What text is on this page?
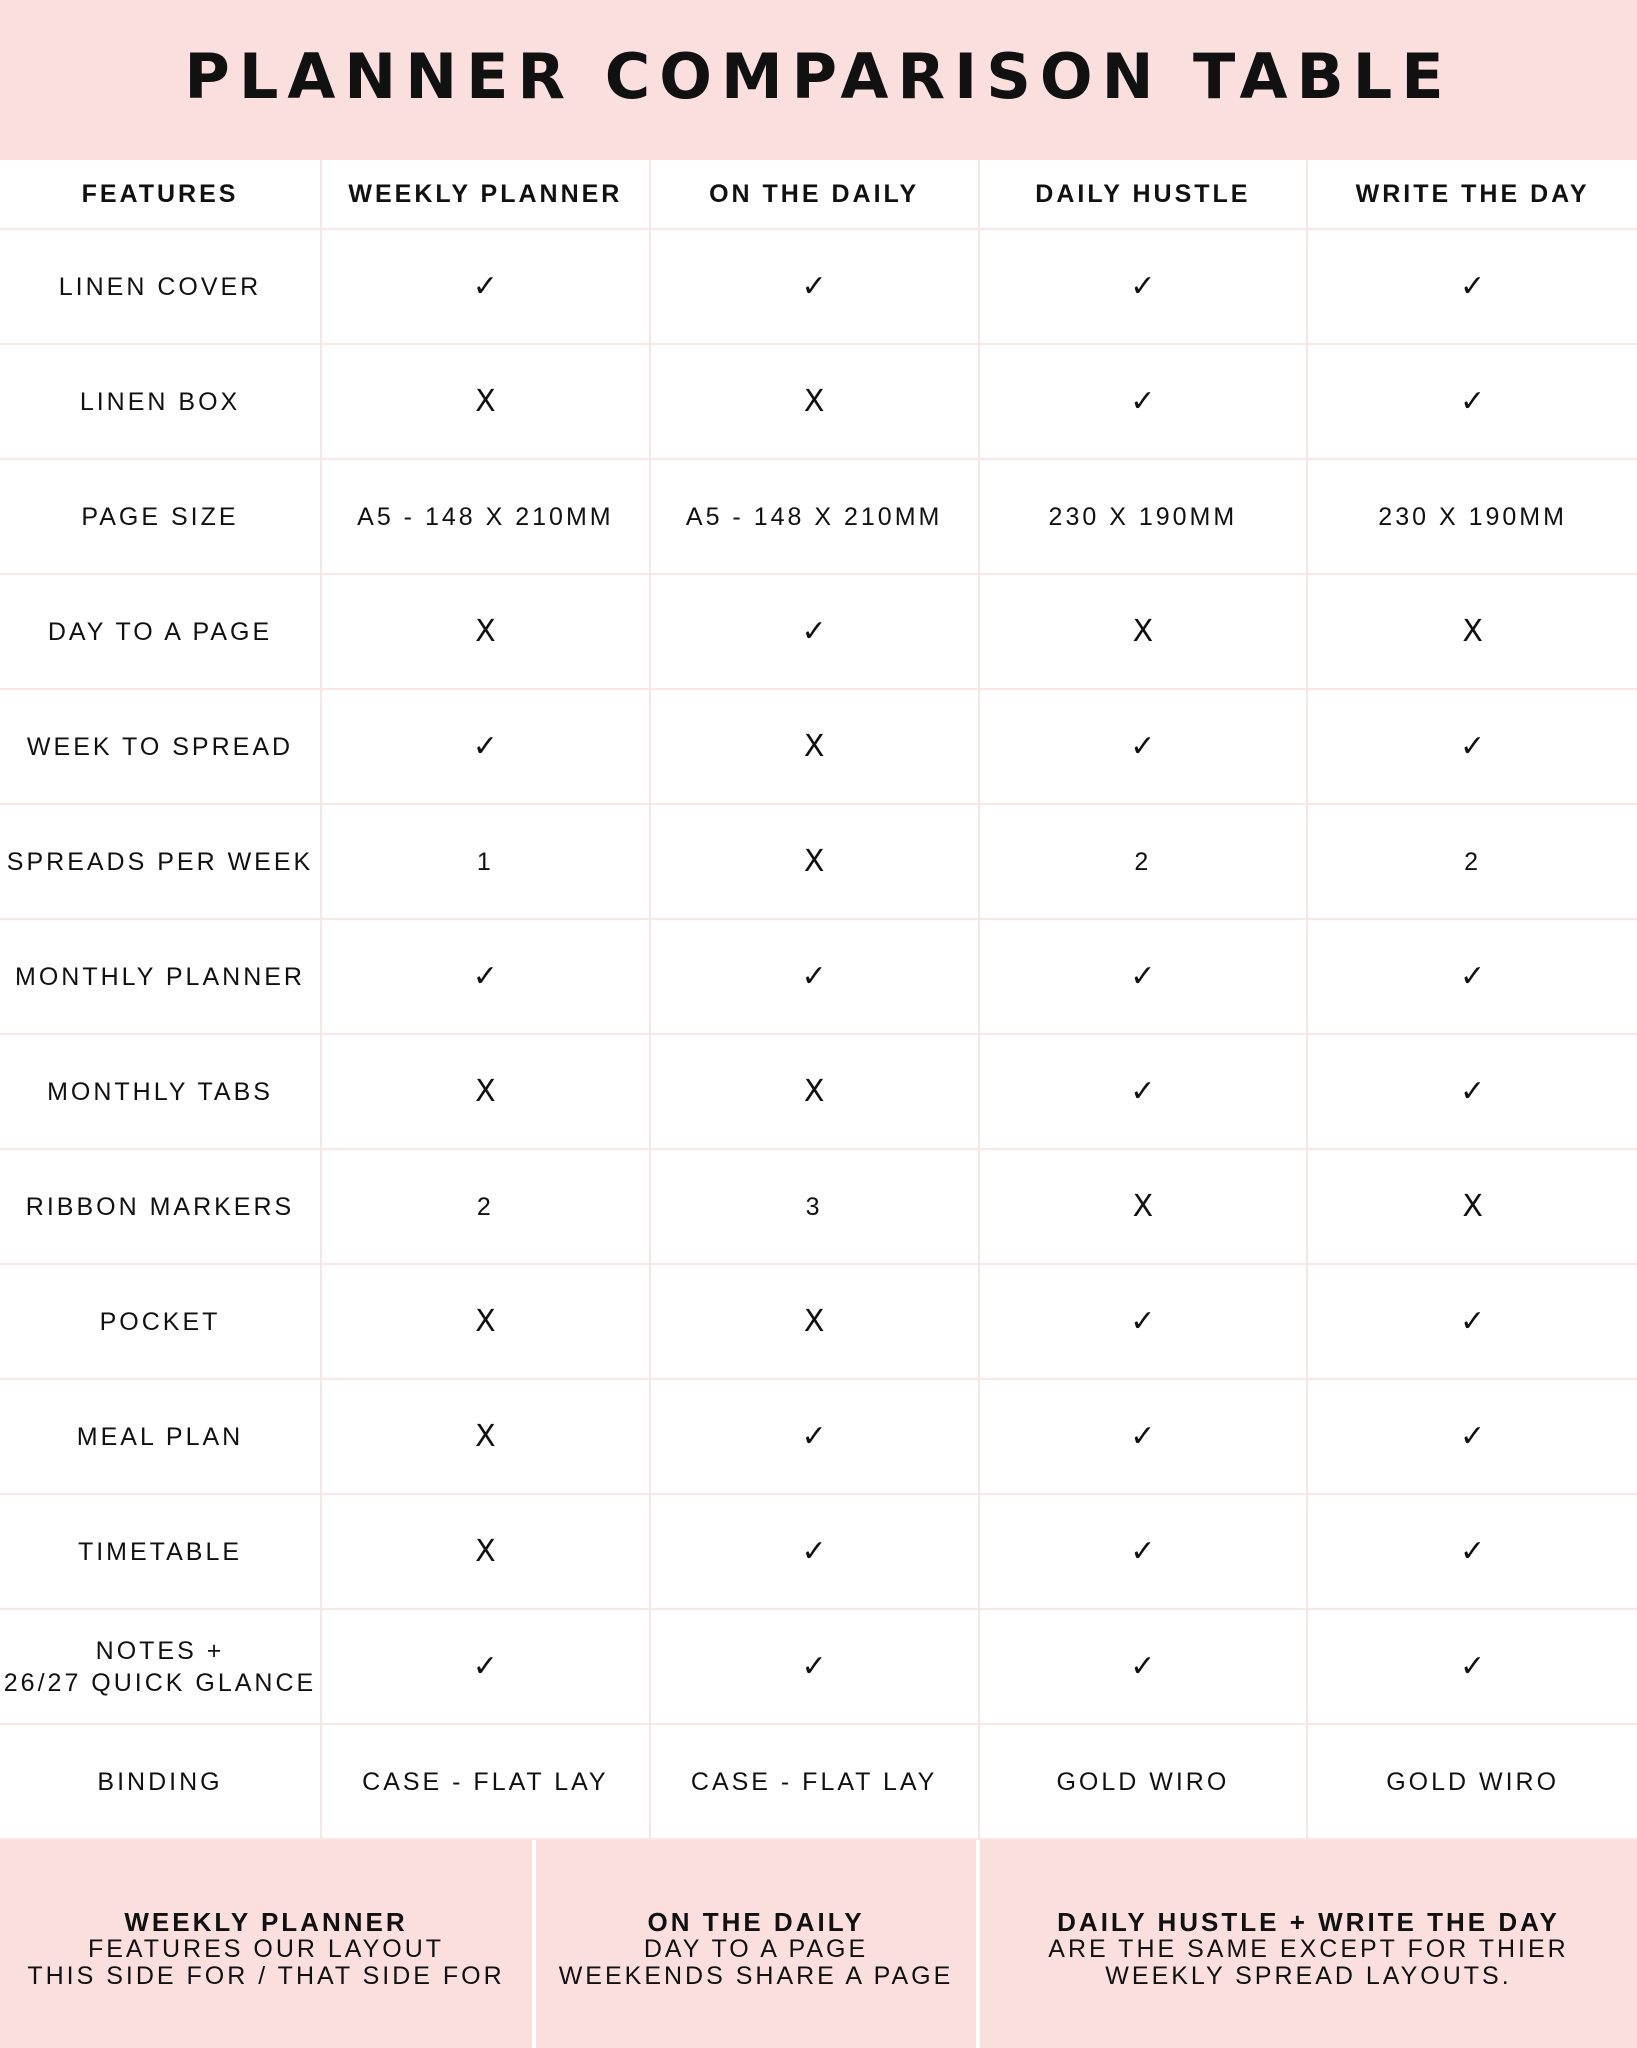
PLANNER COMPARISON TABLE
FEATURES	WEEKLY PLANNER	ON THE DAILY	DAILY HUSTLE	WRITE THE DAY
LINEN COVER	✓	✓	✓	✓
LINEN BOX	X	X	✓	✓
PAGE SIZE	A5 - 148 X 210MM	A5 - 148 X 210MM	230 X 190MM	230 X 190MM
DAY TO A PAGE	X	✓	X	X
WEEK TO SPREAD	✓	X	✓	✓
SPREADS PER WEEK	1	X	2	2
MONTHLY PLANNER	✓	✓	✓	✓
MONTHLY TABS	X	X	✓	✓
RIBBON MARKERS	2	3	X	X
POCKET	X	X	✓	✓
MEAL PLAN	X	✓	✓	✓
TIMETABLE	X	✓	✓	✓
NOTES +
26/27 QUICK GLANCE	✓	✓	✓	✓
BINDING	CASE - FLAT LAY	CASE - FLAT LAY	GOLD WIRO	GOLD WIRO
WEEKLY PLANNER
FEATURES OUR LAYOUT
THIS SIDE FOR / THAT SIDE FOR
ON THE DAILY
DAY TO A PAGE
WEEKENDS SHARE A PAGE
DAILY HUSTLE + WRITE THE DAY
ARE THE SAME EXCEPT FOR THIER
WEEKLY SPREAD LAYOUTS.
